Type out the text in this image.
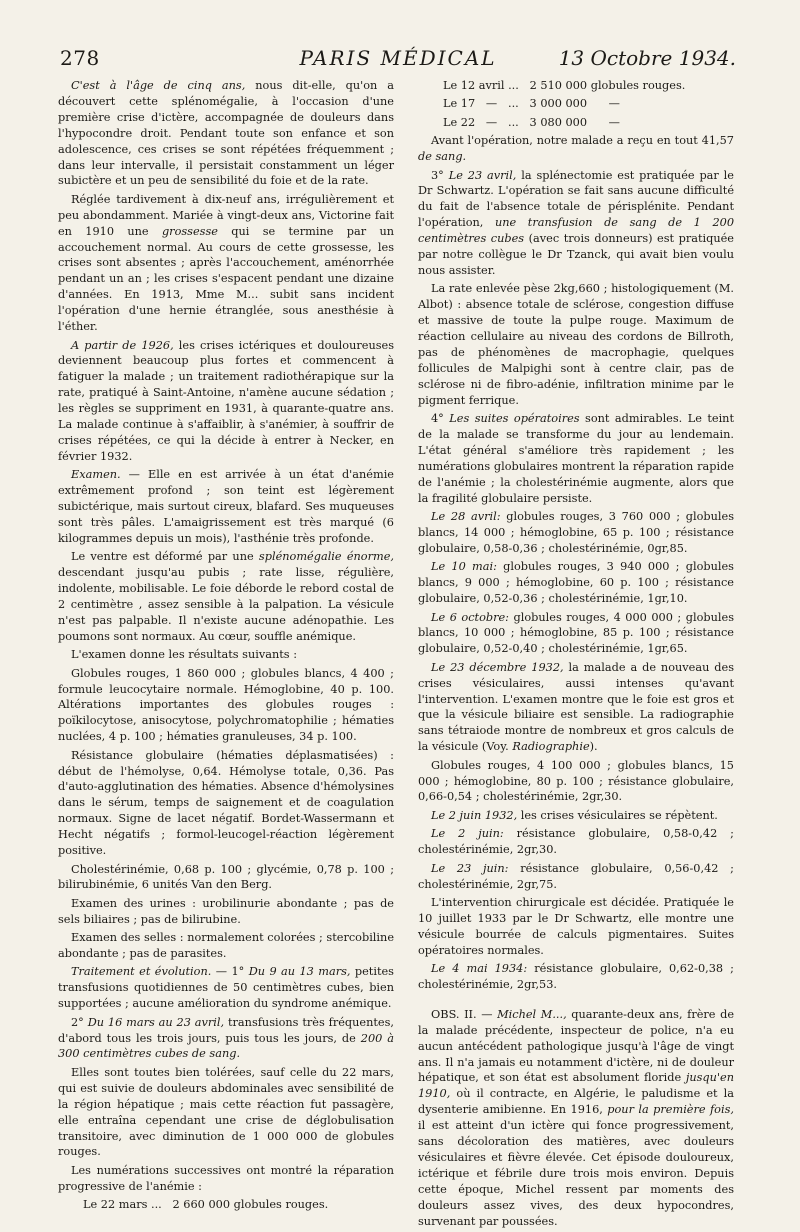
278	PARIS MÉDICAL	13 Octobre 1934.

C'est à l'âge de cinq ans, nous dit-elle, qu'on a découvert cette splénomégalie, à l'occasion d'une première crise d'ictère, accompagnée de douleurs dans l'hypocondre droit. Pendant toute son enfance et son adolescence, ces crises se sont répétées fréquemment ; dans leur intervalle, il persistait constamment un léger subictère et un peu de sensibilité du foie et de la rate.

Réglée tardivement à dix-neuf ans, irrégulièrement et peu abondamment. Mariée à vingt-deux ans, Victorine fait en 1910 une grossesse qui se termine par un accouchement normal. Au cours de cette grossesse, les crises sont absentes ; après l'accouchement, aménorrhée pendant un an ; les crises s'espacent pendant une dizaine d'années. En 1913, Mme M... subit sans incident l'opération d'une hernie étranglée, sous anesthésie à l'éther.

A partir de 1926, les crises ictériques et douloureuses deviennent beaucoup plus fortes et commencent à fatiguer la malade ; un traitement radiothérapique sur la rate, pratiqué à Saint-Antoine, n'amène aucune sédation ; les règles se suppriment en 1931, à quarante-quatre ans. La malade continue à s'affaiblir, à s'anémier, à souffrir de crises répétées, ce qui la décide à entrer à Necker, en février 1932.

Examen. — Elle en est arrivée à un état d'anémie extrêmement profond ; son teint est légèrement subictérique, mais surtout cireux, blafard. Ses muqueuses sont très pâles. L'amaigrissement est très marqué (6 kilogrammes depuis un mois), l'asthénie très profonde.

Le ventre est déformé par une splénomégalie énorme, descendant jusqu'au pubis ; rate lisse, régulière, indolente, mobilisable. Le foie déborde le rebord costal de 2 centimètre , assez sensible à la palpation. La vésicule n'est pas palpable. Il n'existe aucune adénopathie. Les poumons sont normaux. Au cœur, souffle anémique.

L'examen donne les résultats suivants :

Globules rouges, 1 860 000 ; globules blancs, 4 400 ; formule leucocytaire normale. Hémoglobine, 40 p. 100. Altérations importantes des globules rouges : poïkilocytose, anisocytose, polychromatophilie ; hématies nuclées, 4 p. 100 ; hématies granuleuses, 34 p. 100.

Résistance globulaire (hématies déplasmatisées) : début de l'hémolyse, 0,64. Hémolyse totale, 0,36. Pas d'auto-agglutination des hématies. Absence d'hémolysines dans le sérum, temps de saignement et de coagulation normaux. Signe de lacet négatif. Bordet-Wassermann et Hecht négatifs ; formol-leucogel-réaction légèrement positive.

Cholestérinémie, 0,68 p. 100 ; glycémie, 0,78 p. 100 ; bilirubinémie, 6 unités Van den Berg.

Examen des urines : urobilinurie abondante ; pas de sels biliaires ; pas de bilirubine.

Examen des selles : normalement colorées ; stercobiline abondante ; pas de parasites.

Traitement et évolution. — 1° Du 9 au 13 mars, petites transfusions quotidiennes de 50 centimètres cubes, bien supportées ; aucune amélioration du syndrome anémique.

2° Du 16 mars au 23 avril, transfusions très fréquentes, d'abord tous les trois jours, puis tous les jours, de 200 à 300 centimètres cubes de sang.

Elles sont toutes bien tolérées, sauf celle du 22 mars, qui est suivie de douleurs abdominales avec sensibilité de la région hépatique ; mais cette réaction fut passagère, elle entraîna cependant une crise de déglobulisation transitoire, avec diminution de 1 000 000 de globules rouges.

Les numérations successives ont montré la réparation progressive de l'anémie :

Le 22 mars ...   2 660 000 globules rouges.

Le 12 avril ...   2 510 000 globules rouges.

Le 17   —   ...   3 000 000      —

Le 22   —   ...   3 080 000      —

Avant l'opération, notre malade a reçu en tout 41,57 de sang.

3° Le 23 avril, la splénectomie est pratiquée par le Dr Schwartz. L'opération se fait sans aucune difficulté du fait de l'absence totale de périsplénite. Pendant l'opération, une transfusion de sang de 1 200 centimètres cubes (avec trois donneurs) est pratiquée par notre collègue le Dr Tzanck, qui avait bien voulu nous assister.

La rate enlevée pèse 2kg,660 ; histologiquement (M. Albot) : absence totale de sclérose, congestion diffuse et massive de toute la pulpe rouge. Maximum de réaction cellulaire au niveau des cordons de Billroth, pas de phénomènes de macrophagie, quelques follicules de Malpighi sont à centre clair, pas de sclérose ni de fibro-adénie, infiltration minime par le pigment ferrique.

4° Les suites opératoires sont admirables. Le teint de la malade se transforme du jour au lendemain. L'état général s'améliore très rapidement ; les numérations globulaires montrent la réparation rapide de l'anémie ; la cholestérinémie augmente, alors que la fragilité globulaire persiste.

Le 28 avril: globules rouges, 3 760 000 ; globules blancs, 14 000 ; hémoglobine, 65 p. 100 ; résistance globulaire, 0,58-0,36 ; cholestérinémie, 0gr,85.

Le 10 mai: globules rouges, 3 940 000 ; globules blancs, 9 000 ; hémoglobine, 60 p. 100 ; résistance globulaire, 0,52-0,36 ; cholestérinémie, 1gr,10.

Le 6 octobre: globules rouges, 4 000 000 ; globules blancs, 10 000 ; hémoglobine, 85 p. 100 ; résistance globulaire, 0,52-0,40 ; cholestérinémie, 1gr,65.

Le 23 décembre 1932, la malade a de nouveau des crises vésiculaires, aussi intenses qu'avant l'intervention. L'examen montre que le foie est gros et que la vésicule biliaire est sensible. La radiographie sans tétraiode montre de nombreux et gros calculs de la vésicule (Voy. Radiographie).

Globules rouges, 4 100 000 ; globules blancs, 15 000 ; hémoglobine, 80 p. 100 ; résistance globulaire, 0,66-0,54 ; cholestérinémie, 2gr,30.

Le 2 juin 1932, les crises vésiculaires se répètent.

Le 2 juin: résistance globulaire, 0,58-0,42 ; cholestérinémie, 2gr,30.

Le 23 juin: résistance globulaire, 0,56-0,42 ; cholestérinémie, 2gr,75.

L'intervention chirurgicale est décidée. Pratiquée le 10 juillet 1933 par le Dr Schwartz, elle montre une vésicule bourrée de calculs pigmentaires. Suites opératoires normales.

Le 4 mai 1934: résistance globulaire, 0,62-0,38 ; cholestérinémie, 2gr,53.

OBS. II. — Michel M..., quarante-deux ans, frère de la malade précédente, inspecteur de police, n'a eu aucun antécédent pathologique jusqu'à l'âge de vingt ans. Il n'a jamais eu notamment d'ictère, ni de douleur hépatique, et son état est absolument floride jusqu'en 1910, où il contracte, en Algérie, le paludisme et la dysenterie amibienne. En 1916, pour la première fois, il est atteint d'un ictère qui fonce progressivement, sans décoloration des matières, avec douleurs vésiculaires et fièvre élevée. Cet épisode douloureux, ictérique et fébrile dure trois mois environ. Depuis cette époque, Michel ressent par moments des douleurs assez vives, des deux hypocondres, survenant par poussées.
